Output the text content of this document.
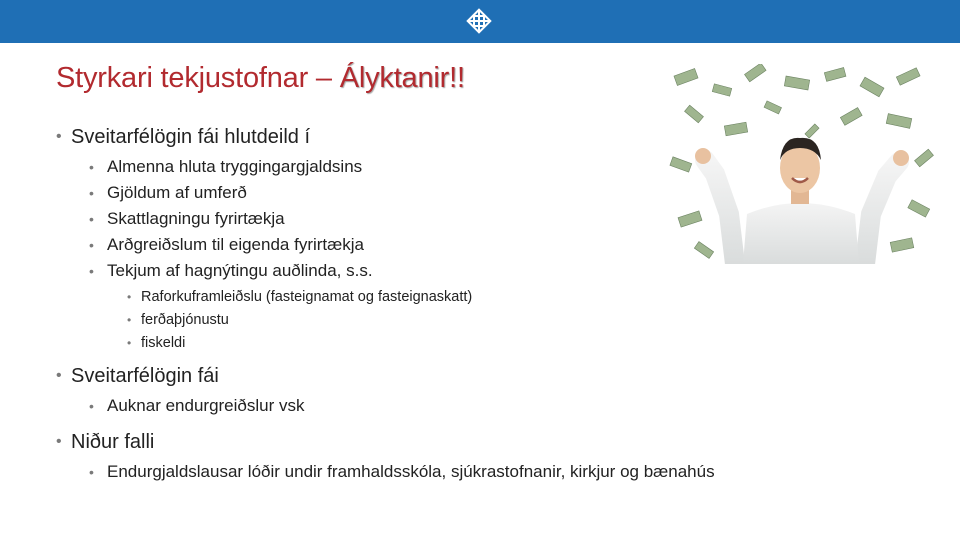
Styrkari tekjustofnar – Ályktanir!!
• Sveitarfélögin fái hlutdeild í
• Almenna hluta tryggingargjaldsins
• Gjöldum af umferð
• Skattlagningu fyrirtækja
• Arðgreiðslum til eigenda fyrirtækja
• Tekjum af hagnýtingu auðlinda, s.s.
• Raforkuframleiðslu (fasteignamat og fasteignaskatt)
• ferðaþjónustu
• fiskeldi
• Sveitarfélögin fái
• Auknar endurgreiðslur vsk
• Niður falli
• Endurgjaldslausar lóðir undir framhaldsskóla, sjúkrastofnanir, kirkjur og bænahús
